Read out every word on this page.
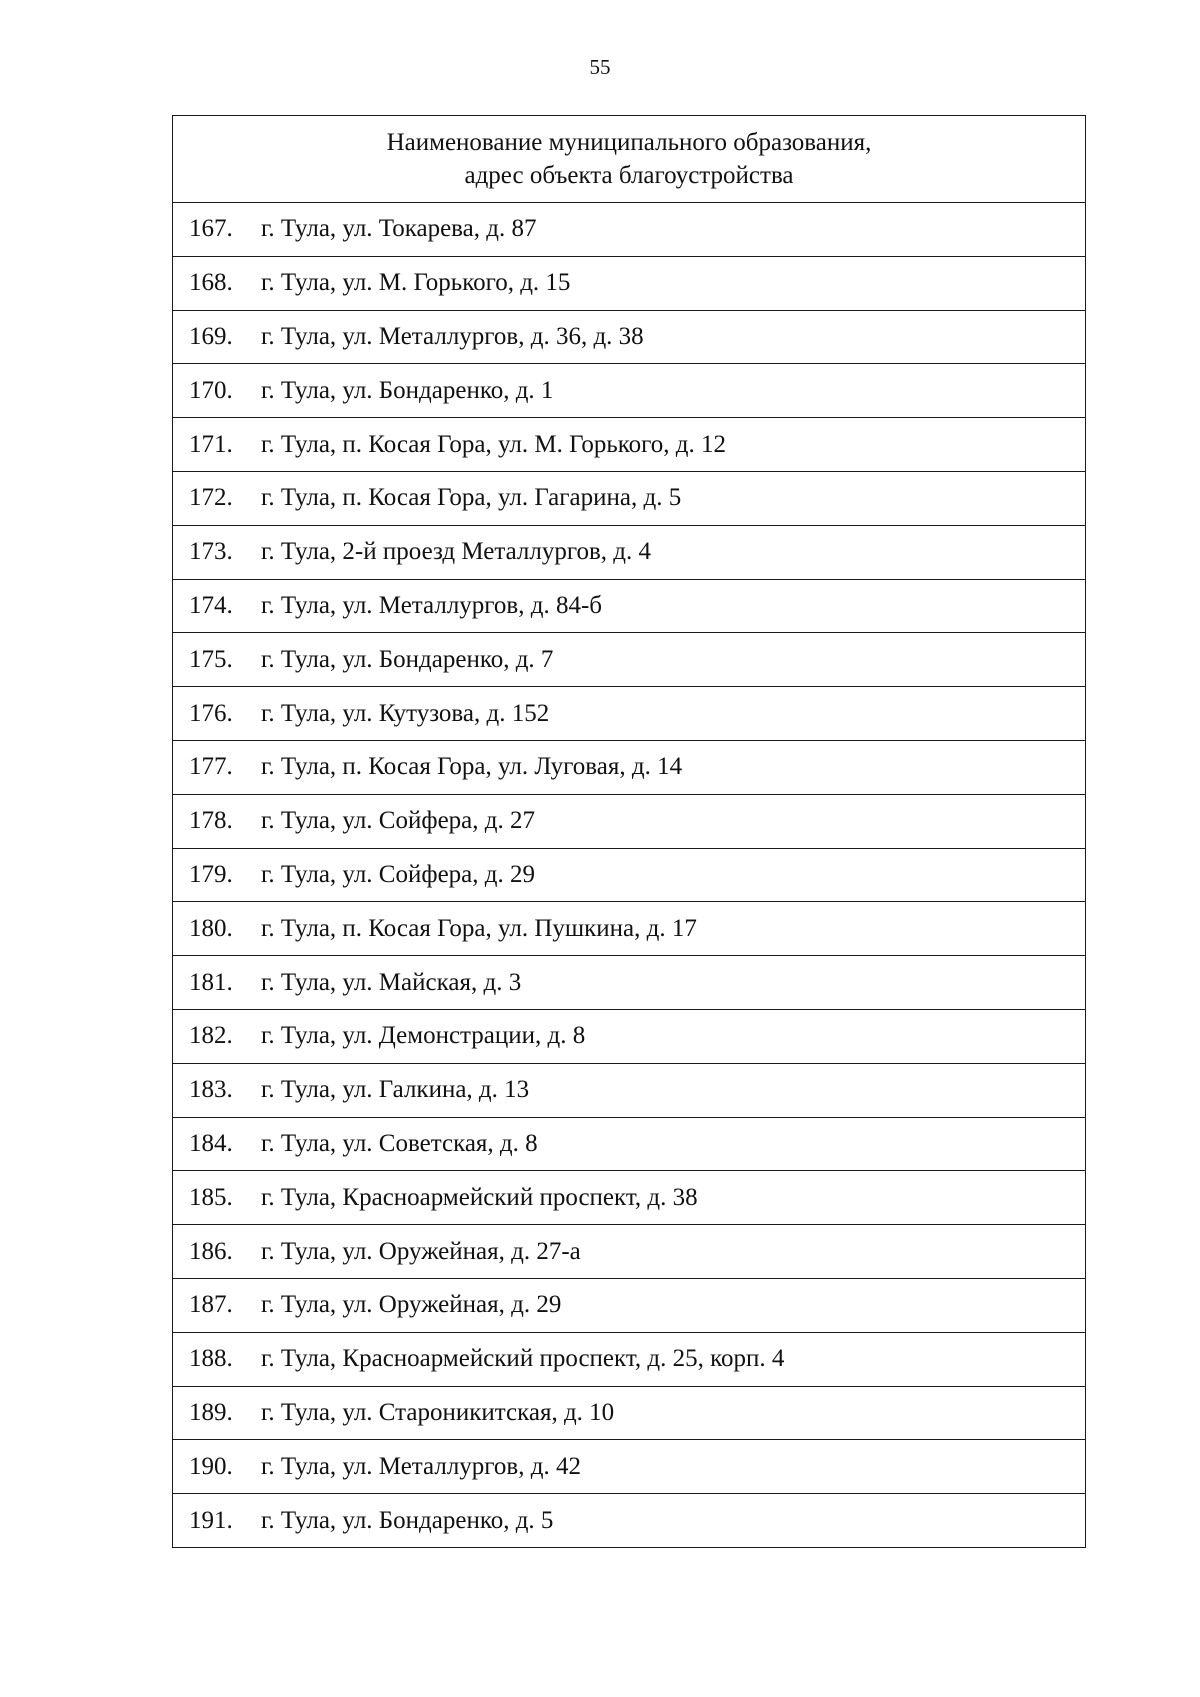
55
Наименование муниципального образования,
адрес объекта благоустройства

167. г. Тула, ул. Токарева, д. 87
168. г. Тула, ул. М. Горького, д. 15
169. г. Тула, ул. Металлургов, д. 36, д. 38
170. г. Тула, ул. Бондаренко, д. 1
171. г. Тула, п. Косая Гора, ул. М. Горького, д. 12
172. г. Тула, п. Косая Гора, ул. Гагарина, д. 5
173. г. Тула, 2-й проезд Металлургов, д. 4
174. г. Тула, ул. Металлургов, д. 84-б
175. г. Тула, ул. Бондаренко, д. 7
176. г. Тула, ул. Кутузова, д. 152
177. г. Тула, п. Косая Гора, ул. Луговая, д. 14
178. г. Тула, ул. Сойфера, д. 27
179. г. Тула, ул. Сойфера, д. 29
180. г. Тула, п. Косая Гора, ул. Пушкина, д. 17
181. г. Тула, ул. Майская, д. 3
182. г. Тула, ул. Демонстрации, д. 8
183. г. Тула, ул. Галкина, д. 13
184. г. Тула, ул. Советская, д. 8
185. г. Тула, Красноармейский проспект, д. 38
186. г. Тула, ул. Оружейная, д. 27-а
187. г. Тула, ул. Оружейная, д. 29
188. г. Тула, Красноармейский проспект, д. 25, корп. 4
189. г. Тула, ул. Староникитская, д. 10
190. г. Тула, ул. Металлургов, д. 42
191. г. Тула, ул. Бондаренко, д. 5
